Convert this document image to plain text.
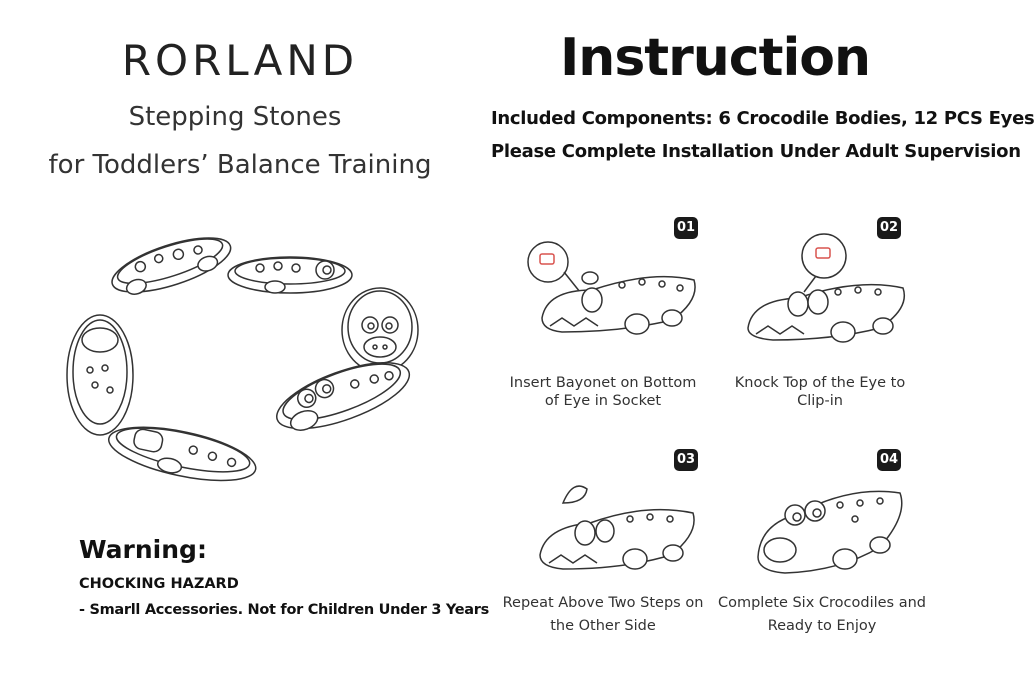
RORLAND
Stepping Stones
for Toddlers’ Balance Training
Warning:
CHOCKING HAZARD
- Smarll Accessories. Not for Children Under 3 Years
Instruction
Included Components: 6 Crocodile Bodies, 12 PCS Eyes
Please Complete Installation Under Adult Supervision
01
Insert Bayonet on Bottom
of Eye in Socket
02
Knock Top of the Eye to
Clip-in
03
Repeat Above Two Steps on
the Other Side
04
Complete Six Crocodiles and
Ready to Enjoy
